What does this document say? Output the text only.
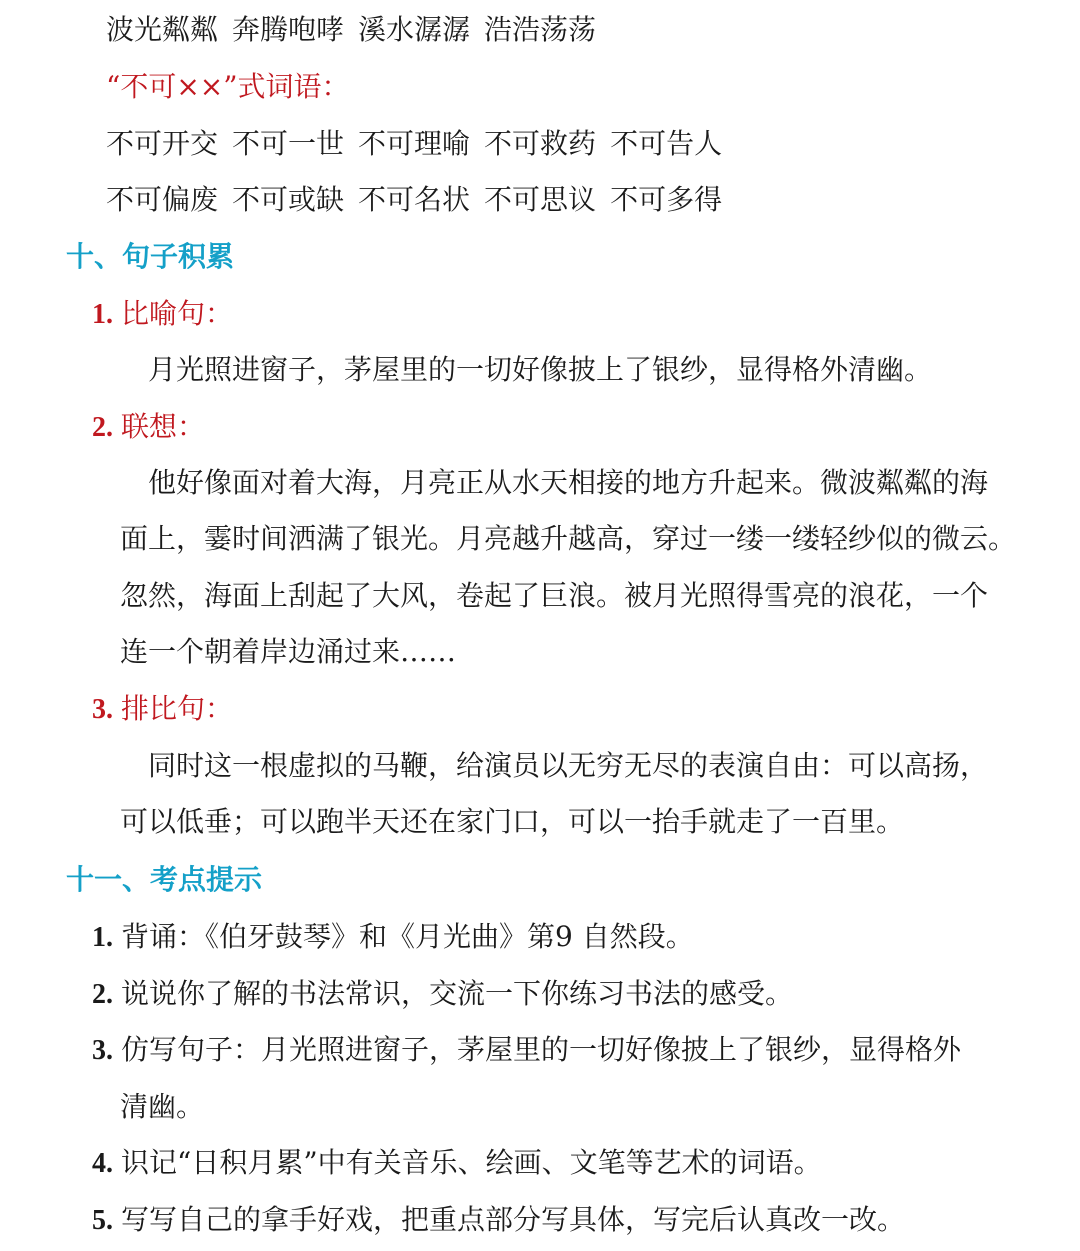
波光粼粼 奔腾咆哮 溪水潺潺 浩浩荡荡
“不可××”式词语：
不可开交 不可一世 不可理喻 不可救药 不可告人
不可偏废 不可或缺 不可名状 不可思议 不可多得
十、句子积累
1. 比喻句：
月光照进窗子，茅屋里的一切好像披上了银纱，显得格外清幽。
2. 联想：
他好像面对着大海，月亮正从水天相接的地方升起来。微波粼粼的海
面上，霎时间洒满了银光。月亮越升越高，穿过一缕一缕轻纱似的微云。
忽然，海面上刮起了大风，卷起了巨浪。被月光照得雪亮的浪花，一个
连一个朝着岸边涌过来……
3. 排比句：
同时这一根虚拟的马鞭，给演员以无穷无尽的表演自由：可以高扬，
可以低垂；可以跑半天还在家门口，可以一抬手就走了一百里。
十一、考点提示
1. 背诵：《伯牙鼓琴》和《月光曲》第9 自然段。
2. 说说你了解的书法常识，交流一下你练习书法的感受。
3. 仿写句子：月光照进窗子，茅屋里的一切好像披上了银纱，显得格外
清幽。
4. 识记“日积月累”中有关音乐、绘画、文笔等艺术的词语。
5. 写写自己的拿手好戏，把重点部分写具体，写完后认真改一改。
